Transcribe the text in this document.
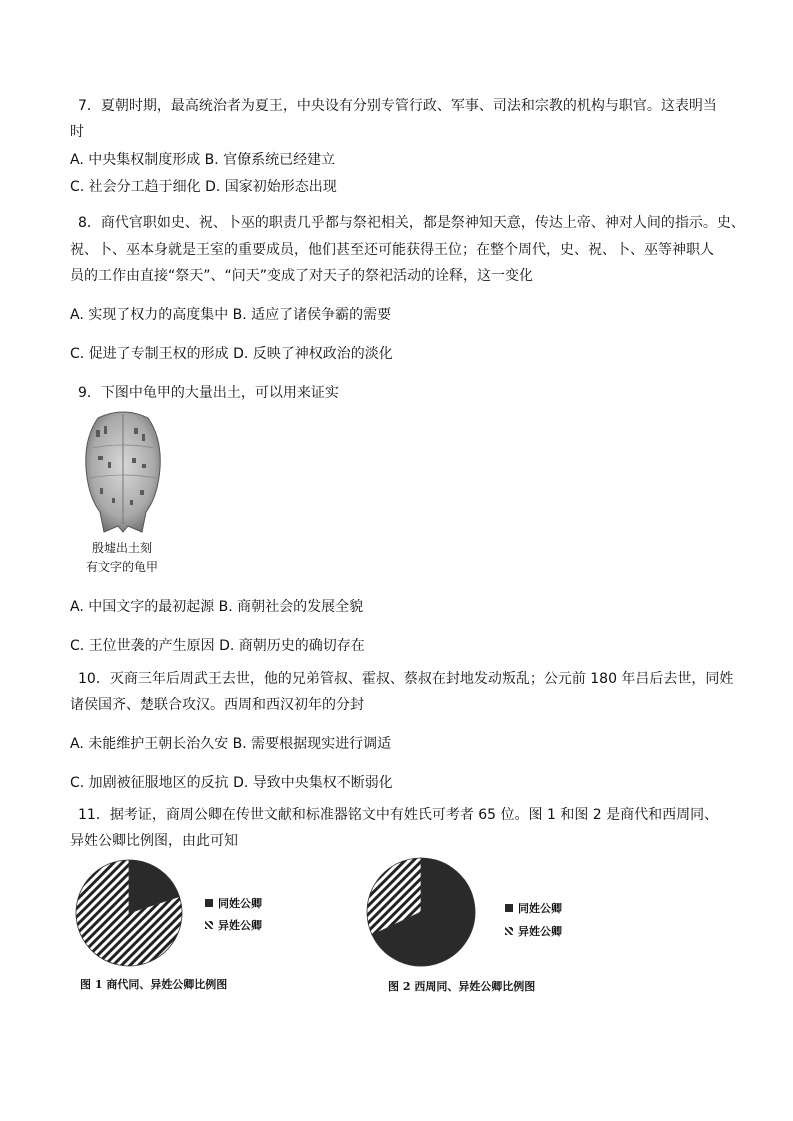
7．夏朝时期，最高统治者为夏王，中央设有分别专管行政、军事、司法和宗教的机构与职官。这表明当
时
A. 中央集权制度形成 B. 官僚系统已经建立
C. 社会分工趋于细化 D. 国家初始形态出现
8．商代官职如史、祝、卜巫的职责几乎都与祭祀相关，都是祭神知天意，传达上帝、神对人间的指示。史、
祝、卜、巫本身就是王室的重要成员，他们甚至还可能获得王位；在整个周代，史、祝、卜、巫等神职人
员的工作由直接“祭天”、“问天”变成了对天子的祭祀活动的诠释，这一变化
A. 实现了权力的高度集中 B. 适应了诸侯争霸的需要
C. 促进了专制王权的形成 D. 反映了神权政治的淡化
9．下图中龟甲的大量出土，可以用来证实
殷墟出土刻
有文字的龟甲
A. 中国文字的最初起源 B. 商朝社会的发展全貌
C. 王位世袭的产生原因 D. 商朝历史的确切存在
10．灭商三年后周武王去世，他的兄弟管叔、霍叔、蔡叔在封地发动叛乱；公元前 180 年吕后去世，同姓
诸侯国齐、楚联合攻汉。西周和西汉初年的分封
A. 未能维护王朝长治久安 B. 需要根据现实进行调适
C. 加剧被征服地区的反抗 D. 导致中央集权不断弱化
11．据考证，商周公卿在传世文献和标准器铭文中有姓氏可考者 65 位。图 1 和图 2 是商代和西周同、
异姓公卿比例图，由此可知
同姓公卿
异姓公卿
图 1 商代同、异姓公卿比例图
同姓公卿
异姓公卿
图 2 西周同、异姓公卿比例图
